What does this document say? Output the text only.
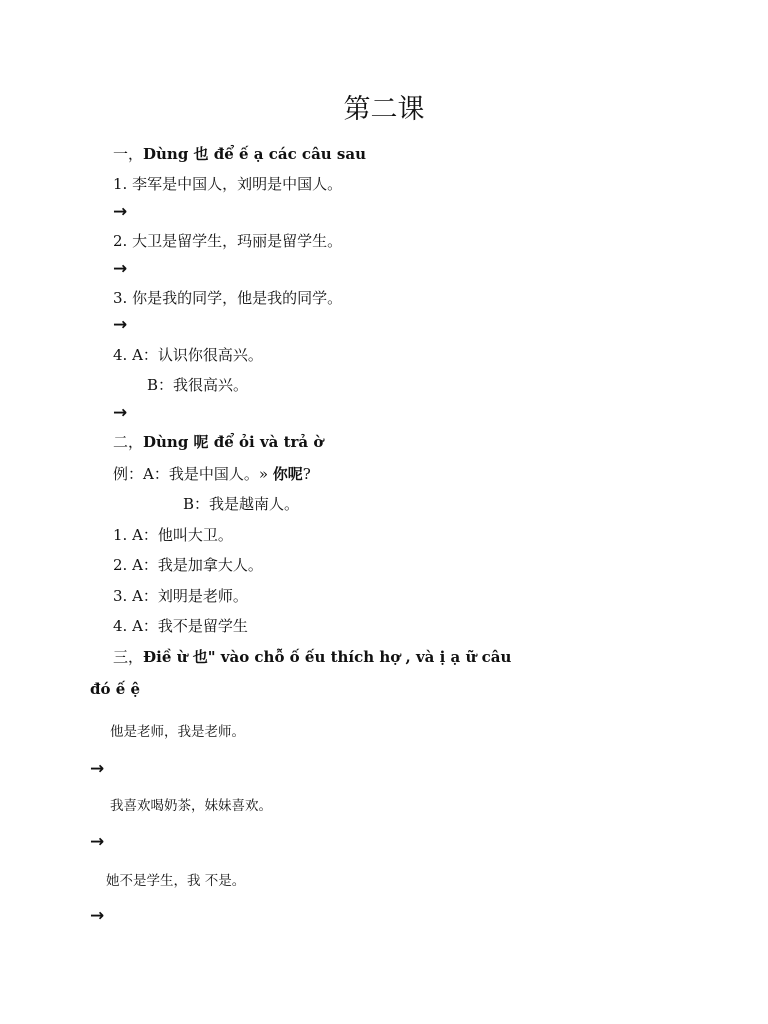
第二课
一，Dùng 也 để ế ạ các câu sau
1. 李军是中国人，刘明是中国人。
→
2. 大卫是留学生，玛丽是留学生。
→
3. 你是我的同学，他是我的同学。
→
4. A：认识你很高兴。
B：我很高兴。
→
二，Dùng 呢 để ỏi và trả ờ
例：A：我是中国人。» 你呢?
B：我是越南人。
1. A：他叫大卫。
2. A：我是加拿大人。
3. A：刘明是老师。
4. A：我不是留学生
三，Điề ừ 也" vào chỗ ố ếu thích hợ , và ị ạ ữ câu
đó ế ệ
他是老师，我是老师。
→
我喜欢喝奶茶，妹妹喜欢。
→
她不是学生，我 不是。
→
